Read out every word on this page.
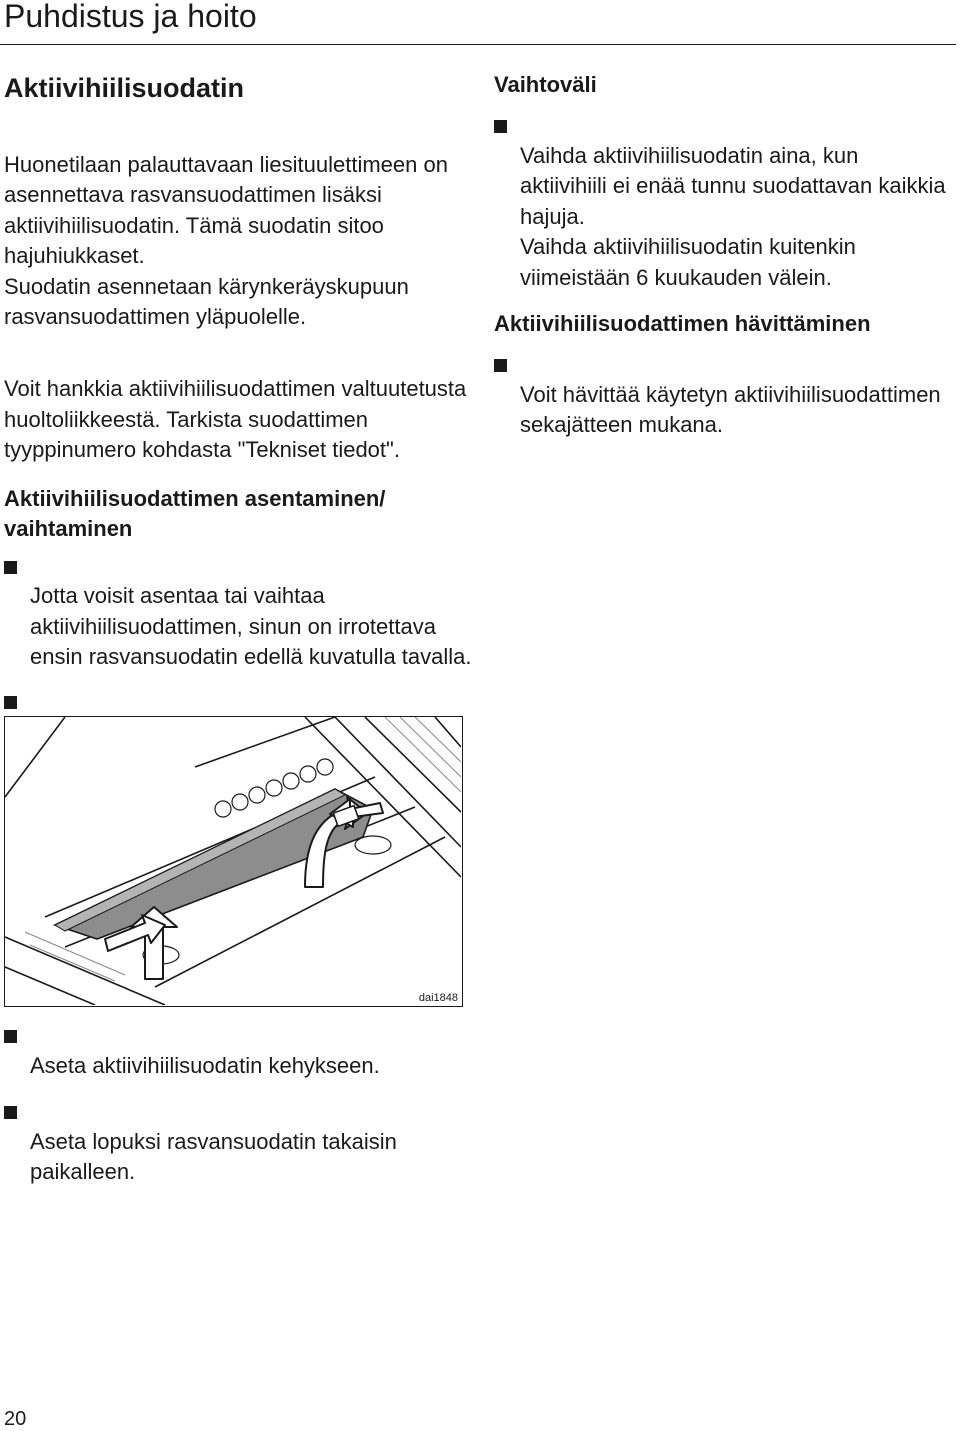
Puhdistus ja hoito
Aktiivihiilisuodatin

Huonetilaan palauttavaan liesituulettimeen on asennettava rasvansuodattimen lisäksi aktiivihiilisuodatin. Tämä suodatin sitoo hajuhiukkaset.
Suodatin asennetaan kärynkeräyskupuun rasvansuodattimen yläpuolelle.

Voit hankkia aktiivihiilisuodattimen valtuutetusta huoltoliikkeestä. Tarkista suodattimen tyyppinumero kohdasta "Tekniset tiedot".

Aktiivihiilisuodattimen asentaminen/ vaihtaminen

Jotta voisit asentaa tai vaihtaa aktiivihiilisuodattimen, sinun on irrotettava ensin rasvansuodatin edellä kuvatulla tavalla.

dai1848

Aseta aktiivihiilisuodatin kehykseen.

Aseta lopuksi rasvansuodatin takaisin paikalleen.

Vaihtoväli

Vaihda aktiivihiilisuodatin aina, kun aktiivihiili ei enää tunnu suodattavan kaikkia hajuja.
Vaihda aktiivihiilisuodatin kuitenkin viimeistään 6 kuukauden välein.

Aktiivihiilisuodattimen hävittäminen

Voit hävittää käytetyn aktiivihiilisuodattimen sekajätteen mukana.

20
